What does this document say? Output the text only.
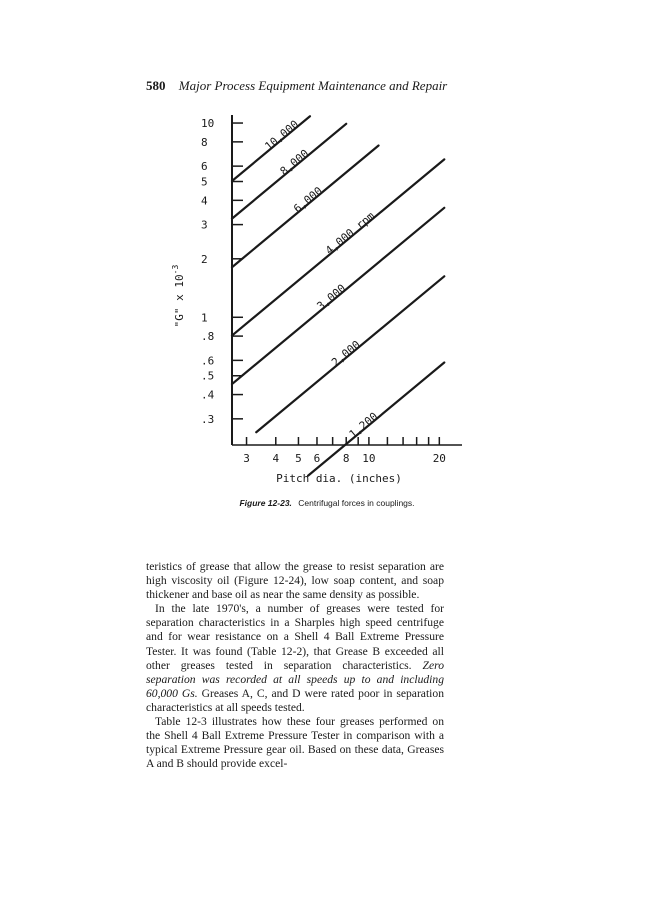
580 Major Process Equipment Maintenance and Repair
10
8
6
5
4
3
2
1
.8
.6
.5
.4
.3
3 4 5 6 8 10	20
10,000
8,000
6,000
4,000 rpm
3,000
2,000
1,200
Pitch dia. (inches)
"G" x $10^{-3}$
Figure 12-23. Centrifugal forces in couplings.

teristics of grease that allow the grease to resist separation are high viscosity oil (Figure 12-24), low soap content, and soap thickener and base oil as near the same density as possible.

In the late 1970's, a number of greases were tested for separation characteristics in a Sharples high speed centrifuge and for wear resistance on a Shell 4 Ball Extreme Pressure Tester. It was found (Table 12-2), that Grease B exceeded all other greases tested in separation characteristics. Zero separation was recorded at all speeds up to and including 60,000 Gs. Greases A, C, and D were rated poor in separation characteristics at all speeds tested.

Table 12-3 illustrates how these four greases performed on the Shell 4 Ball Extreme Pressure Tester in comparison with a typical Extreme Pressure gear oil. Based on these data, Greases A and B should provide excel-
